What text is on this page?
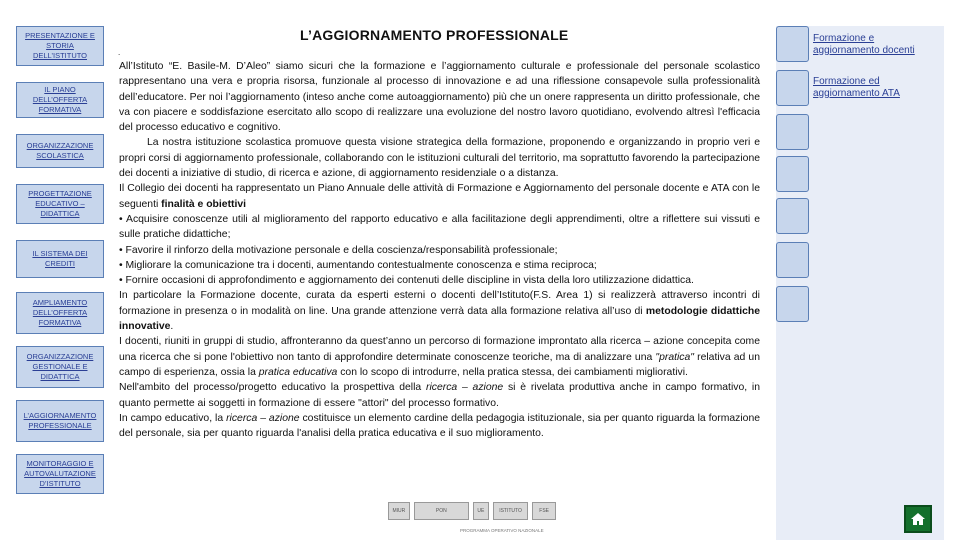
PRESENTAZIONE E STORIA DELL’ISTITUTO
IL PIANO DELL’OFFERTA FORMATIVA
ORGANIZZAZIONE SCOLASTICA
PROGETTAZIONE EDUCATIVO – DIDATTICA
IL SISTEMA DEI CREDITI
AMPLIAMENTO DELL’OFFERTA FORMATIVA
ORGANIZZAZIONE GESTIONALE E DIDATTICA
L’AGGIORNAMENTO PROFESSIONALE
MONITORAGGIO E AUTOVALUTAZIONE D’ISTITUTO
L’AGGIORNAMENTO PROFESSIONALE
.

All’Istituto “E. Basile-M. D’Aleo” siamo sicuri che la formazione e l’aggiornamento culturale e professionale del personale scolastico rappresentano una vera e propria risorsa, funzionale al processo di innovazione e ad una riflessione consapevole sulla professionalità dell’educatore. Per noi l’aggiornamento (inteso anche come autoaggiornamento) più che un onere rappresenta un diritto professionale, che va con piacere e soddisfazione esercitato allo scopo di realizzare una evoluzione del nostro lavoro quotidiano, evolvendo altresì l'efficacia del processo educativo e cognitivo.

La nostra istituzione scolastica promuove questa visione strategica della formazione, proponendo e organizzando in proprio veri e propri corsi di aggiornamento professionale, collaborando con le istituzioni culturali del territorio, ma soprattutto favorendo la partecipazione dei docenti a iniziative di studio, di ricerca e azione, di aggiornamento residenziale o a distanza.

Il Collegio dei docenti ha rappresentato un Piano Annuale delle attività di Formazione e Aggiornamento del personale docente e ATA con le seguenti finalità e obiettivi

• Acquisire conoscenze utili al miglioramento del rapporto educativo e alla facilitazione degli apprendimenti, oltre a riflettere sui vissuti e sulle pratiche didattiche;

• Favorire il rinforzo della motivazione personale e della coscienza/responsabilità professionale;

• Migliorare la comunicazione tra i docenti, aumentando contestualmente conoscenza e stima reciproca;

• Fornire occasioni di approfondimento e aggiornamento dei contenuti delle discipline in vista della loro utilizzazione didattica.

In particolare la Formazione docente, curata da esperti esterni o docenti dell’Istituto(F.S. Area 1) si realizzerà attraverso incontri di formazione in presenza o in modalità on line. Una grande attenzione verrà data alla formazione relativa all’uso di metodologie didattiche innovative.

I docenti, riuniti in gruppi di studio, affronteranno da quest’anno un percorso di formazione improntato alla ricerca – azione concepita come una ricerca che si pone l'obiettivo non tanto di approfondire determinate conoscenze teoriche, ma di analizzare una "pratica" relativa ad un campo di esperienza, ossia la pratica educativa con lo scopo di introdurre, nella pratica stessa, dei cambiamenti migliorativi.

Nell'ambito del processo/progetto educativo la prospettiva della ricerca – azione si è rivelata produttiva anche in campo formativo, in quanto permette ai soggetti in formazione di essere "attori" del processo formativo.

In campo educativo, la ricerca – azione costituisce un elemento cardine della pedagogia istituzionale, sia per quanto riguarda la formazione del personale, sia per quanto riguarda l'analisi della pratica educativa e il suo miglioramento.

Formazione e aggiornamento docenti
Formazione ed aggiornamento ATA
MIUR	PON	UE	ISTITUTO	FSE
PROGRAMMA OPERATIVO NAZIONALE
